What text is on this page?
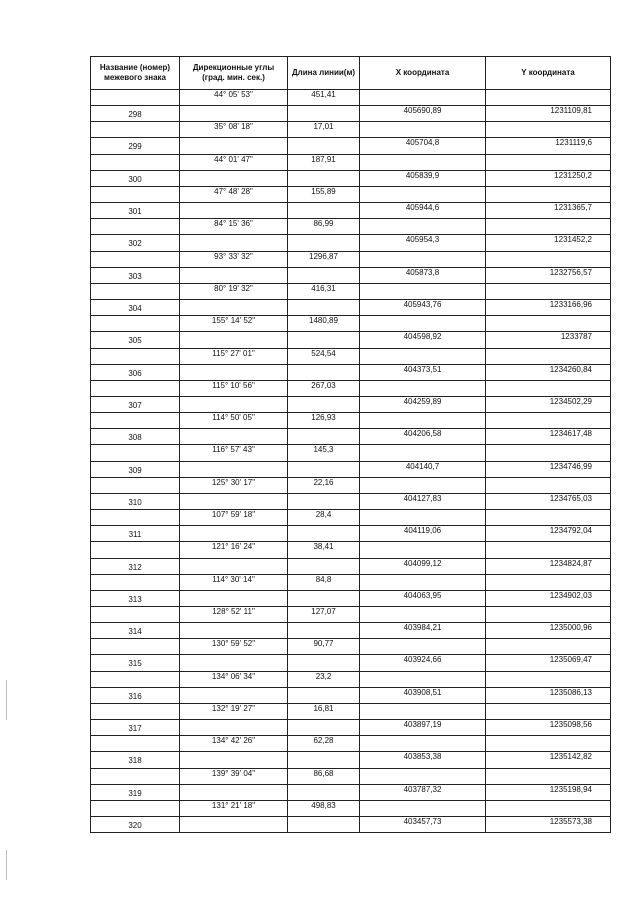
Название (номер) межевого знака	Дирекционные углы (град. мин. сек.)	Длина линии(м)	X координата	Y координата
	44° 05' 53"	451,41		
298			405690,89	1231109,81
	35° 08' 18"	17,01		
299			405704,8	1231119,6
	44° 01' 47"	187,91		
300			405839,9	1231250,2
	47° 48' 28"	155,89		
301			405944,6	1231365,7
	84° 15' 36"	86,99		
302			405954,3	1231452,2
	93° 33' 32"	1296,87		
303			405873,8	1232756,57
	80° 19' 32"	416,31		
304			405943,76	1233166,96
	155° 14' 52"	1480,89		
305			404598,92	1233787
	115° 27' 01"	524,54		
306			404373,51	1234260,84
	115° 10' 56"	267,03		
307			404259,89	1234502,29
	114° 50' 05"	126,93		
308			404206,58	1234617,48
	116° 57' 43"	145,3		
309			404140,7	1234746,99
	125° 30' 17"	22,16		
310			404127,83	1234765,03
	107° 59' 18"	28,4		
311			404119,06	1234792,04
	121° 16' 24"	38,41		
312			404099,12	1234824,87
	114° 30' 14"	84,8		
313			404063,95	1234902,03
	128° 52' 11"	127,07		
314			403984,21	1235000,96
	130° 59' 52"	90,77		
315			403924,66	1235069,47
	134° 06' 34"	23,2		
316			403908,51	1235086,13
	132° 19' 27"	16,81		
317			403897,19	1235098,56
	134° 42' 26"	62,28		
318			403853,38	1235142,82
	139° 39' 04"	86,68		
319			403787,32	1235198,94
	131° 21' 18"	498,83		
320			403457,73	1235573,38
